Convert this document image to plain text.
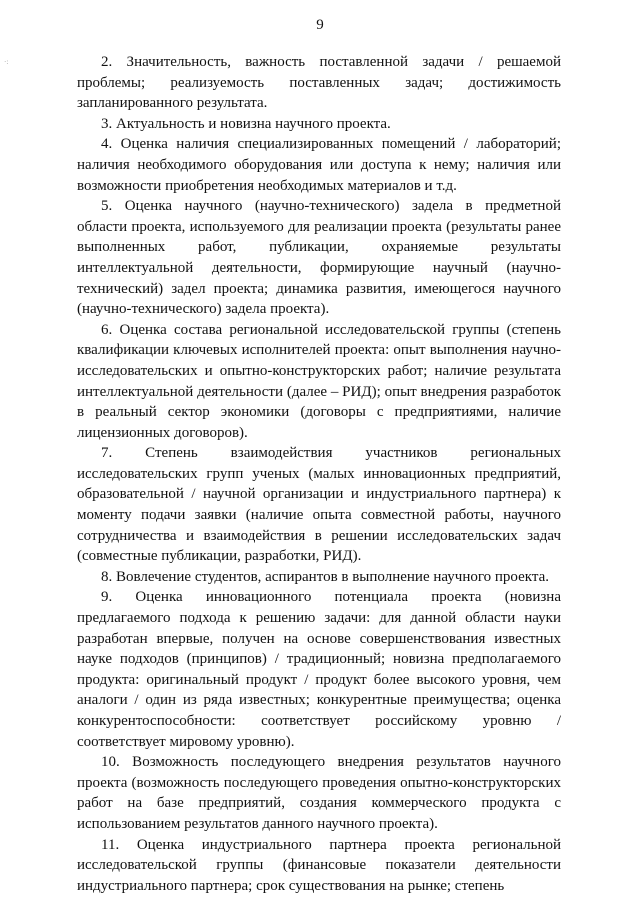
·:
9

2. Значительность, важность поставленной задачи / решаемой проблемы; реализуемость поставленных задач; достижимость запланированного результата.

3. Актуальность и новизна научного проекта.

4. Оценка наличия специализированных помещений / лабораторий; наличия необходимого оборудования или доступа к нему; наличия или возможности приобретения необходимых материалов и т.д.

5. Оценка научного (научно-технического) задела в предметной области проекта, используемого для реализации проекта (результаты ранее выполненных работ, публикации, охраняемые результаты интеллектуальной деятельности, формирующие научный (научно-технический) задел проекта; динамика развития, имеющегося научного (научно-технического) задела проекта).

6. Оценка состава региональной исследовательской группы (степень квалификации ключевых исполнителей проекта: опыт выполнения научно-исследовательских и опытно-конструкторских работ; наличие результата интеллектуальной деятельности (далее – РИД); опыт внедрения разработок в реальный сектор экономики (договоры с предприятиями, наличие лицензионных договоров).

7. Степень взаимодействия участников региональных исследовательских групп ученых (малых инновационных предприятий, образовательной / научной организации и индустриального партнера) к моменту подачи заявки (наличие опыта совместной работы, научного сотрудничества и взаимодействия в решении исследовательских задач (совместные публикации, разработки, РИД).

8. Вовлечение студентов, аспирантов в выполнение научного проекта.

9. Оценка инновационного потенциала проекта (новизна предлагаемого подхода к решению задачи: для данной области науки разработан впервые, получен на основе совершенствования известных науке подходов (принципов) / традиционный; новизна предполагаемого продукта: оригинальный продукт / продукт более высокого уровня, чем аналоги / один из ряда известных; конкурентные преимущества; оценка конкурентоспособности: соответствует российскому уровню / соответствует мировому уровню).

10. Возможность последующего внедрения результатов научного проекта (возможность последующего проведения опытно-конструкторских работ на базе предприятий, создания коммерческого продукта с использованием результатов данного научного проекта).

11. Оценка индустриального партнера проекта региональной исследовательской группы (финансовые показатели деятельности индустриального партнера; срок существования на рынке; степень
